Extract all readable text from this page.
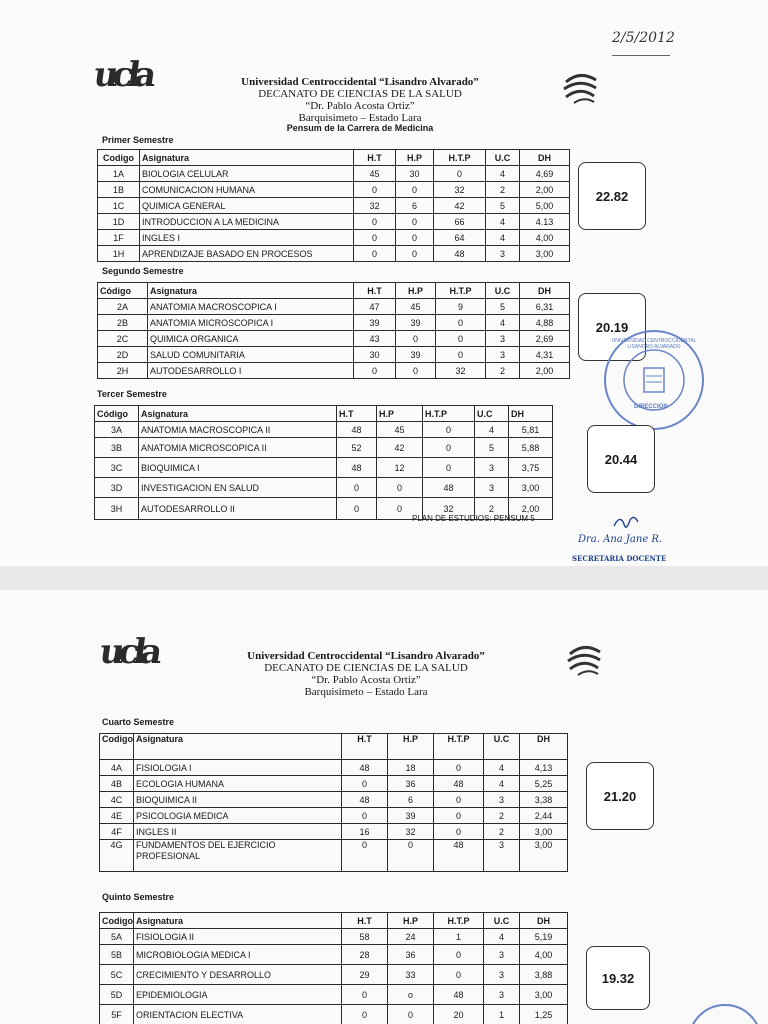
2/5/2012
ucla	Universidad Centroccidental “Lisandro Alvarado”
DECANATO DE CIENCIAS DE LA SALUD
“Dr. Pablo Acosta Ortiz”
Barquisimeto – Estado Lara
Pensum de la Carrera de Medicina
Primer Semestre
Codigo	Asignatura	H.T	H.P	H.T.P	U.C	DH
1A	BIOLOGIA CELULAR	45	30	0	4	4,69
1B	COMUNICACION HUMANA	0	0	32	2	2,00
1C	QUIMICA GENERAL	32	6	42	5	5,00
1D	INTRODUCCION A LA MEDICINA	0	0	66	4	4.13
1F	INGLES I	0	0	64	4	4,00
1H	APRENDIZAJE BASADO EN PROCESOS	0	0	48	3	3,00
22.82
Segundo Semestre
Código	Asignatura	H.T	H.P	H.T.P	U.C	DH
2A	ANATOMIA MACROSCOPICA I	47	45	9	5	6,31
2B	ANATOMIA MICROSCOPICA I	39	39	0	4	4,88
2C	QUIMICA ORGANICA	43	0	0	3	2,69
2D	SALUD COMUNITARIA	30	39	0	3	4,31
2H	AUTODESARROLLO I	0	0	32	2	2,00
20.19
UNIVERSIDAD CENTROCCIDENTAL LISANDRO ALVARADO
DIRECCION
Tercer Semestre
Código	Asignatura	H.T	H.P	H.T.P	U.C	DH
3A	ANATOMIA MACROSCOPICA II	48	45	0	4	5,81
3B	ANATOMIA MICROSCOPICA II	52	42	0	5	5,88
3C	BIOQUIMICA I	48	12	0	3	3,75
3D	INVESTIGACION EN SALUD	0	0	48	3	3,00
3H	AUTODESARROLLO II	0	0	32	2	2,00
20.44
PLAN DE ESTUDIOS: PENSUM 5
Dra. Ana Jane R.
SECRETARIA DOCENTE
ucla	Universidad Centroccidental “Lisandro Alvarado”
DECANATO DE CIENCIAS DE LA SALUD
“Dr. Pablo Acosta Ortiz”
Barquisimeto – Estado Lara
Cuarto Semestre
Codigo	Asignatura	H.T	H.P	H.T.P	U.C	DH
4A	FISIOLOGIA I	48	18	0	4	4,13
4B	ECOLOGIA HUMANA	0	36	48	4	5,25
4C	BIOQUIMICA II	48	6	0	3	3,38
4E	PSICOLOGIA MEDICA	0	39	0	2	2,44
4F	INGLES II	16	32	0	2	3,00
4G	FUNDAMENTOS DEL EJERCICIO PROFESIONAL	0	0	48	3	3,00
21.20
Quinto Semestre
Codigo	Asignatura	H.T	H.P	H.T.P	U.C	DH
5A	FISIOLOGIA II	58	24	1	4	5,19
5B	MICROBIOLOGIA MEDICA I	28	36	0	3	4,00
5C	CRECIMIENTO Y DESARROLLO	29	33	0	3	3,88
5D	EPIDEMIOLOGIA	0	o	48	3	3,00
5F	ORIENTACION ELECTIVA	0	0	20	1	1,25
19.32
